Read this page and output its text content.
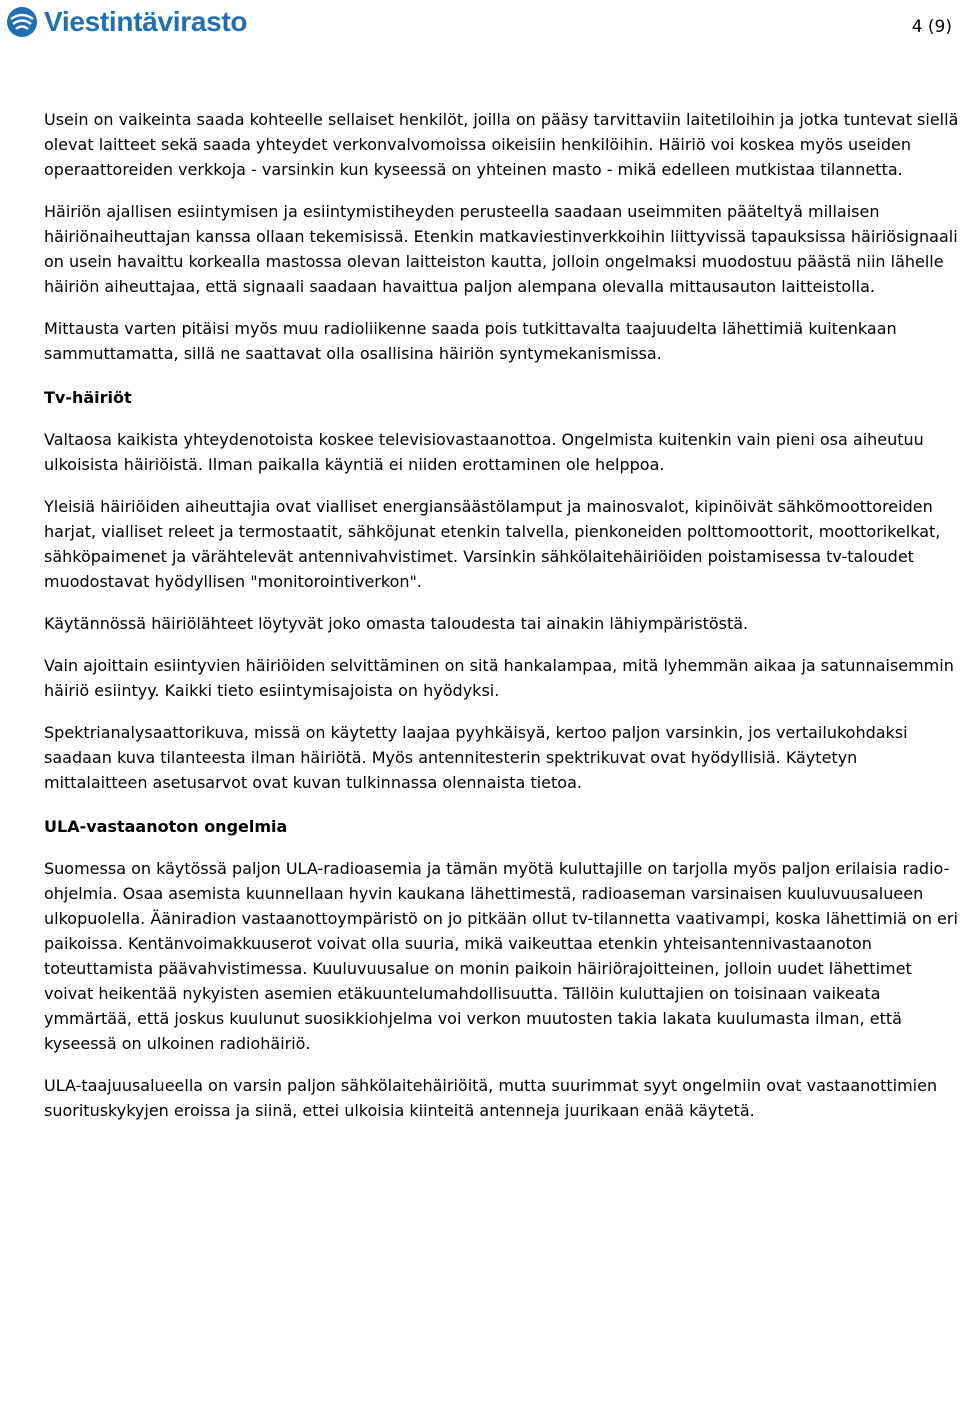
Viestintävirasto	4 (9)

Usein on vaikeinta saada kohteelle sellaiset henkilöt, joilla on pääsy tarvittaviin laitetiloihin ja jotka tuntevat siellä olevat laitteet sekä saada yhteydet verkonvalvomoissa oikeisiin henkilöihin. Häiriö voi koskea myös useiden operaattoreiden verkkoja - varsinkin kun kyseessä on yhteinen masto - mikä edelleen mutkistaa tilannetta.

Häiriön ajallisen esiintymisen ja esiintymistiheyden perusteella saadaan useimmiten pääteltyä millaisen häiriönaiheuttajan kanssa ollaan tekemisissä. Etenkin matkaviestinverkkoihin liittyvissä tapauksissa häiriösignaali on usein havaittu korkealla mastossa olevan laitteiston kautta, jolloin ongelmaksi muodostuu päästä niin lähelle häiriön aiheuttajaa, että signaali saadaan havaittua paljon alempana olevalla mittausauton laitteistolla.

Mittausta varten pitäisi myös muu radioliikenne saada pois tutkittavalta taajuudelta lähettimiä kuitenkaan sammuttamatta, sillä ne saattavat olla osallisina häiriön syntymekanismissa.

Tv-häiriöt

Valtaosa kaikista yhteydenotoista koskee televisiovastaanottoa. Ongelmista kuitenkin vain pieni osa aiheutuu ulkoisista häiriöistä. Ilman paikalla käyntiä ei niiden erottaminen ole helppoa.

Yleisiä häiriöiden aiheuttajia ovat vialliset energiansäästölamput ja mainosvalot, kipinöivät sähkömoottoreiden harjat, vialliset releet ja termostaatit, sähköjunat etenkin talvella, pienkoneiden polttomoottorit, moottorikelkat, sähköpaimenet ja värähtelevät antennivahvistimet. Varsinkin sähkölaitehäiriöiden poistamisessa tv-taloudet muodostavat hyödyllisen "monitorointiverkon".

Käytännössä häiriölähteet löytyvät joko omasta taloudesta tai ainakin lähiympäristöstä.

Vain ajoittain esiintyvien häiriöiden selvittäminen on sitä hankalampaa, mitä lyhemmän aikaa ja satunnaisemmin häiriö esiintyy. Kaikki tieto esiintymisajoista on hyödyksi.

Spektrianalysaattorikuva, missä on käytetty laajaa pyyhkäisyä, kertoo paljon varsinkin, jos vertailukohdaksi saadaan kuva tilanteesta ilman häiriötä. Myös antennitesterin spektrikuvat ovat hyödyllisiä. Käytetyn mittalaitteen asetusarvot ovat kuvan tulkinnassa olennaista tietoa.

ULA-vastaanoton ongelmia

Suomessa on käytössä paljon ULA-radioasemia ja tämän myötä kuluttajille on tarjolla myös paljon erilaisia radio-ohjelmia. Osaa asemista kuunnellaan hyvin kaukana lähettimestä, radioaseman varsinaisen kuuluvuusalueen ulkopuolella. Ääniradion vastaanottoympäristö on jo pitkään ollut tv-tilannetta vaativampi, koska lähettimiä on eri paikoissa. Kentänvoimakkuuserot voivat olla suuria, mikä vaikeuttaa etenkin yhteisantennivastaanoton toteuttamista päävahvistimessa. Kuuluvuusalue on monin paikoin häiriörajoitteinen, jolloin uudet lähettimet voivat heikentää nykyisten asemien etäkuuntelumahdollisuutta. Tällöin kuluttajien on toisinaan vaikeata ymmärtää, että joskus kuulunut suosikkiohjelma voi verkon muutosten takia lakata kuulumasta ilman, että kyseessä on ulkoinen radiohäiriö.

ULA-taajuusalueella on varsin paljon sähkölaitehäiriöitä, mutta suurimmat syyt ongelmiin ovat vastaanottimien suorituskykyjen eroissa ja siinä, ettei ulkoisia kiinteitä antenneja juurikaan enää käytetä.
